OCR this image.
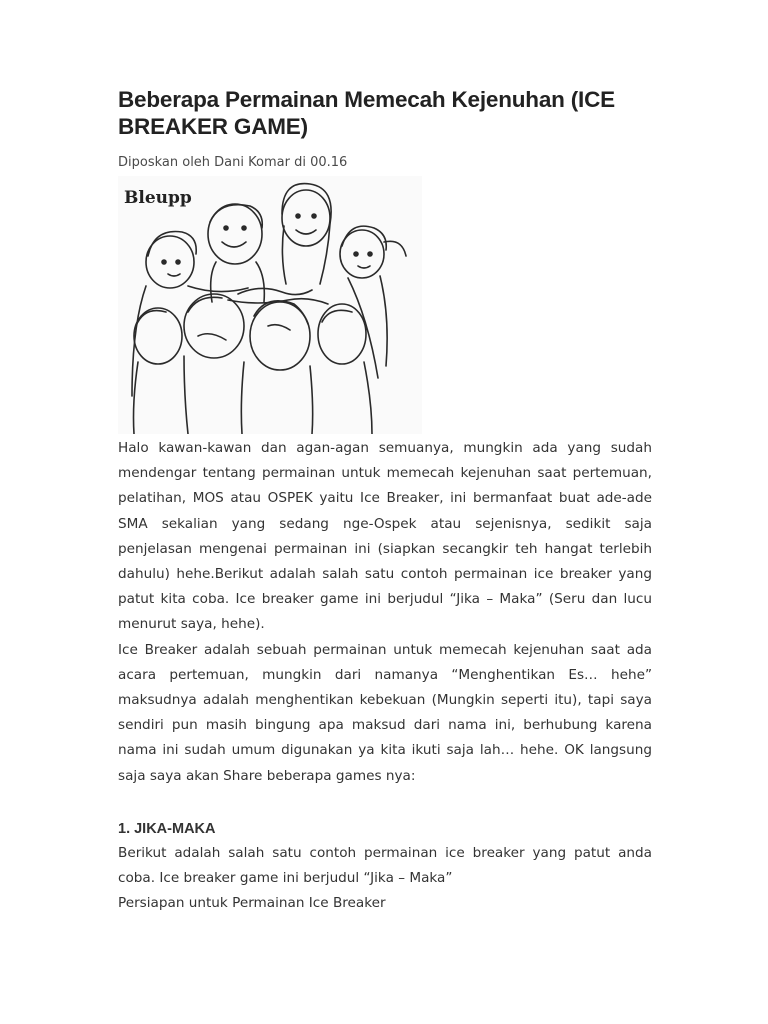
Beberapa Permainan Memecah Kejenuhan (ICE BREAKER GAME)
Diposkan oleh Dani Komar di 00.16
Bleupp

Halo kawan-kawan dan agan-agan semuanya, mungkin ada yang sudah mendengar tentang permainan untuk memecah kejenuhan saat pertemuan, pelatihan, MOS atau OSPEK yaitu Ice Breaker, ini bermanfaat buat ade-ade SMA sekalian yang sedang nge-Ospek atau sejenisnya, sedikit saja penjelasan mengenai permainan ini (siapkan secangkir teh hangat terlebih dahulu) hehe.Berikut adalah salah satu contoh permainan ice breaker yang patut kita coba. Ice breaker game ini berjudul “Jika – Maka” (Seru dan lucu menurut saya, hehe).

Ice Breaker adalah sebuah permainan untuk memecah kejenuhan saat ada acara pertemuan, mungkin dari namanya “Menghentikan Es… hehe” maksudnya adalah menghentikan kebekuan (Mungkin seperti itu), tapi saya sendiri pun masih bingung apa maksud dari nama ini, berhubung karena nama ini sudah umum digunakan ya kita ikuti saja lah… hehe. OK langsung saja saya akan Share beberapa games nya:

1. JIKA-MAKA

Berikut adalah salah satu contoh permainan ice breaker yang patut anda coba. Ice breaker game ini berjudul “Jika – Maka”

Persiapan untuk Permainan Ice Breaker
